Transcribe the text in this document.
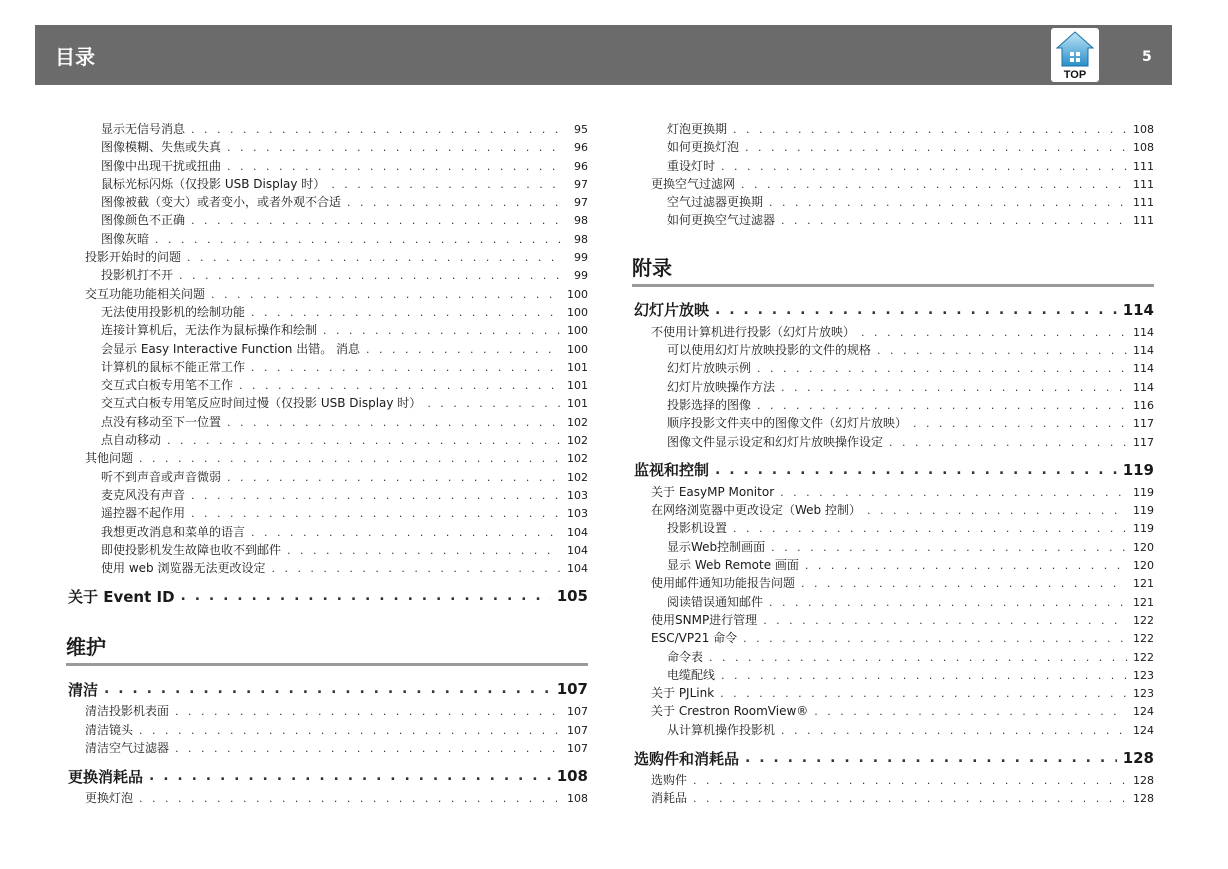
目录
TOP
5
显示无信号消息 . . .	95
图像模糊、失焦或失真 . . .	96
图像中出现干扰或扭曲 . . .	96
鼠标光标闪烁（仅投影 USB Display 时） . . .	97
图像被截（变大）或者变小，或者外观不合适 . . .	97
图像颜色不正确 . . .	98
图像灰暗 . . .	98
投影开始时的问题 . . .	99
投影机打不开 . . .	99
交互功能功能相关问题 . . .	100
无法使用投影机的绘制功能 . . .	100
连接计算机后，无法作为鼠标操作和绘制 . . .	100
会显示 Easy Interactive Function 出错。 消息 . . .	100
计算机的鼠标不能正常工作 . . .	101
交互式白板专用笔不工作 . . .	101
交互式白板专用笔反应时间过慢（仅投影 USB Display 时） . . .	101
点没有移动至下一位置 . . .	102
点自动移动 . . .	102
其他问题 . . .	102
听不到声音或声音微弱 . . .	102
麦克风没有声音 . . .	103
遥控器不起作用 . . .	103
我想更改消息和菜单的语言 . . .	104
即使投影机发生故障也收不到邮件 . . .	104
使用 web 浏览器无法更改设定 . . .	104
关于 Event ID . . .	105
维护
清洁 . . .	107
清洁投影机表面 . . .	107
清洁镜头 . . .	107
清洁空气过滤器 . . .	107
更换消耗品 . . .	108
更换灯泡 . . .	108
灯泡更换期 . . .	108
如何更换灯泡 . . .	108
重设灯时 . . .	111
更换空气过滤网 . . .	111
空气过滤器更换期 . . .	111
如何更换空气过滤器 . . .	111
附录
幻灯片放映 . . .	114
不使用计算机进行投影（幻灯片放映） . . .	114
可以使用幻灯片放映投影的文件的规格 . . .	114
幻灯片放映示例 . . .	114
幻灯片放映操作方法 . . .	114
投影选择的图像 . . .	116
顺序投影文件夹中的图像文件（幻灯片放映） . . .	117
图像文件显示设定和幻灯片放映操作设定 . . .	117
监视和控制 . . .	119
关于 EasyMP Monitor . . .	119
在网络浏览器中更改设定（Web 控制） . . .	119
投影机设置 . . .	119
显示Web控制画面 . . .	120
显示 Web Remote 画面 . . .	120
使用邮件通知功能报告问题 . . .	121
阅读错误通知邮件 . . .	121
使用SNMP进行管理 . . .	122
ESC/VP21 命令 . . .	122
命令表 . . .	122
电缆配线 . . .	123
关于 PJLink . . .	123
关于 Crestron RoomView® . . .	124
从计算机操作投影机 . . .	124
选购件和消耗品 . . .	128
选购件 . . .	128
消耗品 . . .	128
